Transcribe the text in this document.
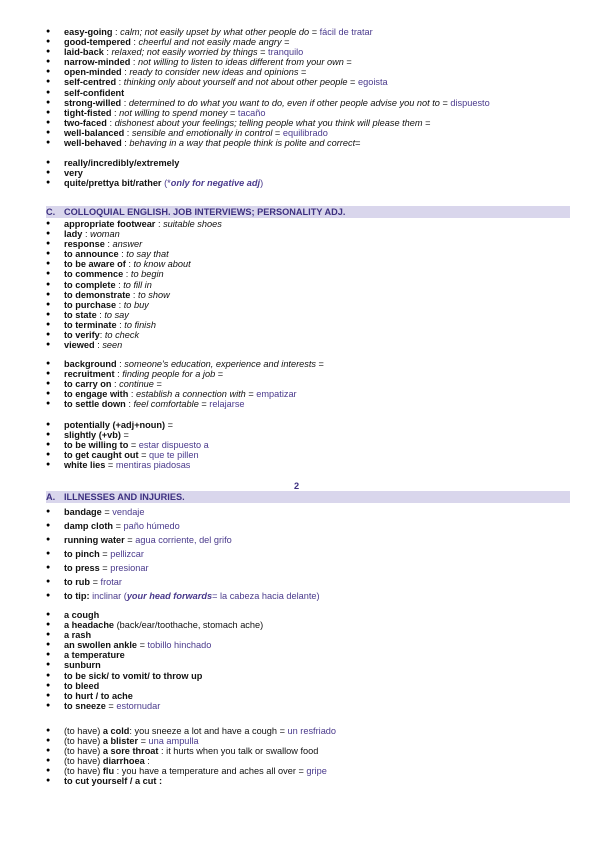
● easy-going : calm; not easily upset by what other people do = fácil de tratar
● good-tempered : cheerful and not easily made angry =
● laid-back : relaxed; not easily worried by things = tranquilo
● narrow-minded : not willing to listen to ideas different from your own =
● open-minded : ready to consider new ideas and opinions =
● self-centred : thinking only about yourself and not about other people = egoista
● self-confident
● strong-willed : determined to do what you want to do, even if other people advise you not to = dispuesto
● tight-fisted : not willing to spend money = tacaño
● two-faced : dishonest about your feelings; telling people what you think will please them =
● well-balanced : sensible and emotionally in control = equilibrado
● well-behaved : behaving in a way that people think is polite and correct=
● really/incredibly/extremely
● very
● quite/prettya bit/rather (*only for negative adj)
C. COLLOQUIAL ENGLISH. JOB INTERVIEWS; PERSONALITY ADJ.
● appropriate footwear : suitable shoes
● lady : woman
● response : answer
● to announce : to say that
● to be aware of : to know about
● to commence : to begin
● to complete : to fill in
● to demonstrate : to show
● to purchase : to buy
● to state : to say
● to terminate : to finish
● to verify: to check
● viewed : seen
● background : someone's education, experience and interests =
● recruitment : finding people for a job =
● to carry on : continue =
● to engage with : establish a connection with = empatizar
● to settle down : feel comfortable = relajarse
● potentially (+adj+noun) =
● slightly (+vb) =
● to be willing to = estar dispuesto a
● to get caught out = que te pillen
● white lies = mentiras piadosas
2
A. ILLNESSES AND INJURIES.
● bandage = vendaje
● damp cloth = paño húmedo
● running water = agua corriente, del grifo
● to pinch = pellizcar
● to press = presionar
● to rub = frotar
● to tip: inclinar (your head forwards= la cabeza hacia delante)
● a cough
● a headache (back/ear/toothache, stomach ache)
● a rash
● an swollen ankle = tobillo hinchado
● a temperature
● sunburn
● to be sick/ to vomit/ to throw up
● to bleed
● to hurt / to ache
● to sneeze = estornudar
● (to have) a cold: you sneeze a lot and have a cough = un resfriado
● (to have) a blister = una ampulla
● (to have) a sore throat : it hurts when you talk or swallow food
● (to have) diarrhoea :
● (to have) flu : you have a temperature and aches all over = gripe
● to cut yourself / a cut :
